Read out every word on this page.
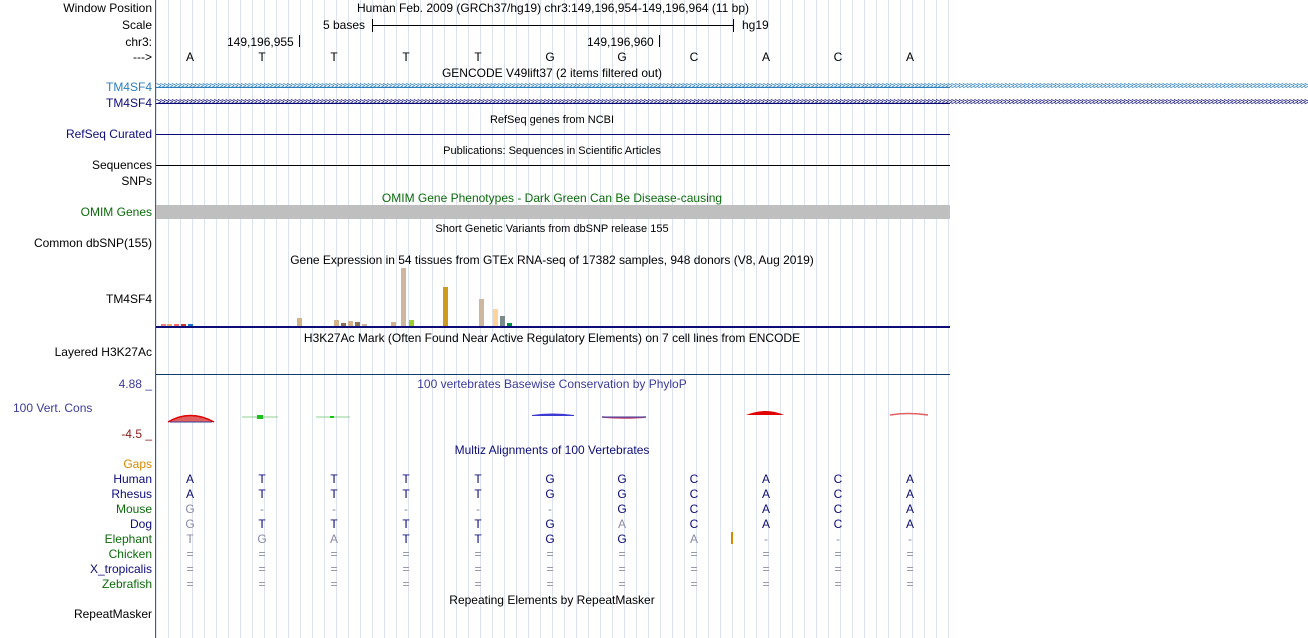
Window Position	Human Feb. 2009 (GRCh37/hg19) chr3:149,196,954-149,196,964 (11 bp)
Scale	5 bases	hg19
chr3:	149,196,955	149,196,960
--->	A	T	T	T	T	G	G	C	A	C	A
GENCODE V49lift37 (2 items filtered out)
TM4SF4 >>>>>>>>>>>>>>>>>>>>>>>>>>>>>>>>>>>>>>>>>>>>>>>>>>>>>>>>>>>>>>>>>>>>>>>>>>>>>>>>>>>>>>>>>>>>>>>>>>>>>>>>>>>>>>>>>>>>>>>>>>>>>>>>>>>>>>>>>>>>>>>>>>>>>>>>>>>>>>>>>>>>>>>>>>>>>>>>>>>>>>>>>>>>>>>>>>>>>>>>>>>>>>>>>>>>>>>>>>>>>>>>>>>>>>>>>>>>>>>>>>>>>>>>>>>>>>>>>>>>>>>>>>>>>>>>>>>>>>>>>>>>>>>>>>>>>>>>>>>>
TM4SF4 >>>>>>>>>>>>>>>>>>>>>>>>>>>>>>>>>>>>>>>>>>>>>>>>>>>>>>>>>>>>>>>>>>>>>>>>>>>>>>>>>>>>>>>>>>>>>>>>>>>>>>>>>>>>>>>>>>>>>>>>>>>>>>>>>>>>>>>>>>>>>>>>>>>>>>>>>>>>>>>>>>>>>>>>>>>>>>>>>>>>>>>>>>>>>>>>>>>>>>>>>>>>>>>>>>>>>>>>>>>>>>>>>>>>>>>>>>>>>>>>>>>>>>>>>>>>>>>>>>>>>>>>>>>>>>>>>>>>>>>>>>>>>>>>>>>>>>>>>>>>
RefSeq genes from NCBI
RefSeq Curated
Publications: Sequences in Scientific Articles
Sequences
SNPs
OMIM Gene Phenotypes - Dark Green Can Be Disease-causing
OMIM Genes
Short Genetic Variants from dbSNP release 155
Common dbSNP(155)
Gene Expression in 54 tissues from GTEx RNA-seq of 17382 samples, 948 donors (V8, Aug 2019)
TM4SF4
H3K27Ac Mark (Often Found Near Active Regulatory Elements) on 7 cell lines from ENCODE
Layered H3K27Ac
100 vertebrates Basewise Conservation by PhyloP
4.88 _
100 Vert. Cons
-4.5 _
Multiz Alignments of 100 Vertebrates
Gaps
Human	A	T	T	T	T	G	G	C	A	C	A
Rhesus	A	T	T	T	T	G	G	C	A	C	A
Mouse	G	-	-	-	-	-	G	C	A	C	A
Dog	G	T	T	T	T	G	A	C	A	C	A
Elephant	T	G	A	T	T	G	G	A	-	-	-
Chicken	=	=	=	=	=	=	=	=	=	=	=
X_tropicalis	=	=	=	=	=	=	=	=	=	=	=
Zebrafish	=	=	=	=	=	=	=	=	=	=	=
Repeating Elements by RepeatMasker
RepeatMasker
